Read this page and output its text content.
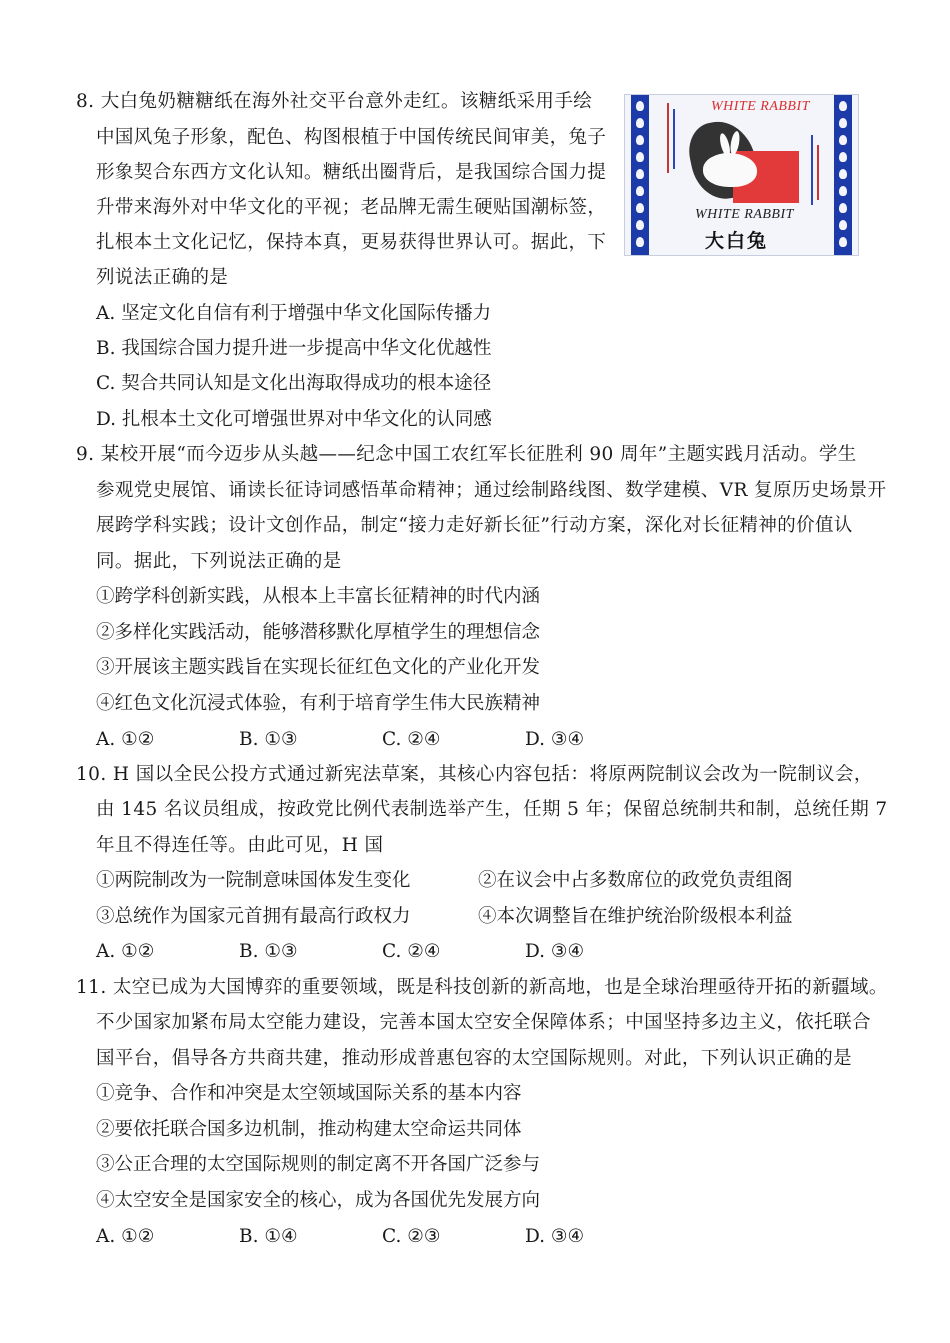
8. 大白兔奶糖糖纸在海外社交平台意外走红。该糖纸采用手绘
中国风兔子形象，配色、构图根植于中国传统民间审美，兔子
形象契合东西方文化认知。糖纸出圈背后，是我国综合国力提
升带来海外对中华文化的平视；老品牌无需生硬贴国潮标签，
扎根本土文化记忆，保持本真，更易获得世界认可。据此，下
列说法正确的是
A. 坚定文化自信有利于增强中华文化国际传播力
B. 我国综合国力提升进一步提高中华文化优越性
C. 契合共同认知是文化出海取得成功的根本途径
D. 扎根本土文化可增强世界对中华文化的认同感
WHITE RABBIT
WHITE RABBIT
大白兔
9. 某校开展“而今迈步从头越——纪念中国工农红军长征胜利 90 周年”主题实践月活动。学生
参观党史展馆、诵读长征诗词感悟革命精神；通过绘制路线图、数学建模、VR 复原历史场景开
展跨学科实践；设计文创作品，制定“接力走好新长征”行动方案，深化对长征精神的价值认
同。据此，下列说法正确的是
①跨学科创新实践，从根本上丰富长征精神的时代内涵
②多样化实践活动，能够潜移默化厚植学生的理想信念
③开展该主题实践旨在实现长征红色文化的产业化开发
④红色文化沉浸式体验，有利于培育学生伟大民族精神
A. ①②	B. ①③	C. ②④	D. ③④
10. H 国以全民公投方式通过新宪法草案，其核心内容包括：将原两院制议会改为一院制议会，
由 145 名议员组成，按政党比例代表制选举产生，任期 5 年；保留总统制共和制，总统任期 7
年且不得连任等。由此可见，H 国
①两院制改为一院制意味国体发生变化	②在议会中占多数席位的政党负责组阁
③总统作为国家元首拥有最高行政权力	④本次调整旨在维护统治阶级根本利益
A. ①②	B. ①③	C. ②④	D. ③④
11. 太空已成为大国博弈的重要领域，既是科技创新的新高地，也是全球治理亟待开拓的新疆域。
不少国家加紧布局太空能力建设，完善本国太空安全保障体系；中国坚持多边主义，依托联合
国平台，倡导各方共商共建，推动形成普惠包容的太空国际规则。对此，下列认识正确的是
①竞争、合作和冲突是太空领域国际关系的基本内容
②要依托联合国多边机制，推动构建太空命运共同体
③公正合理的太空国际规则的制定离不开各国广泛参与
④太空安全是国家安全的核心，成为各国优先发展方向
A. ①②	B. ①④	C. ②③	D. ③④
